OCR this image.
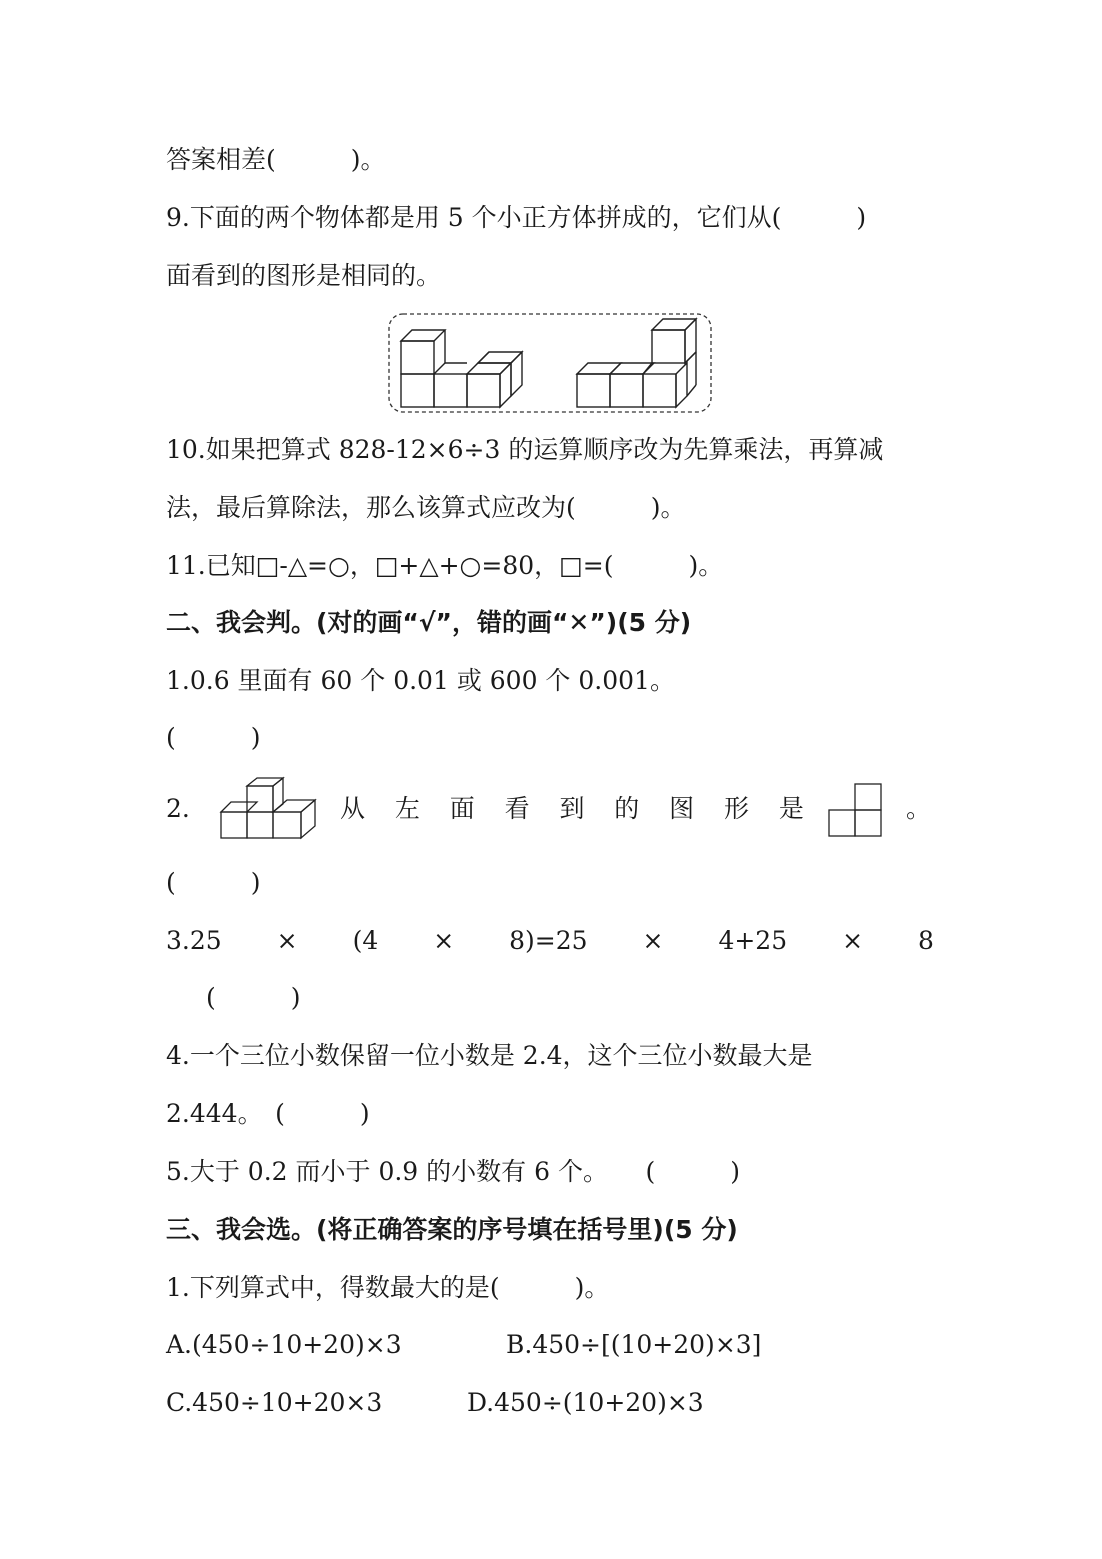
答案相差(　　　)。
9.下面的两个物体都是用 5 个小正方体拼成的，它们从(　　　)
面看到的图形是相同的。
10.如果把算式 828-12×6÷3 的运算顺序改为先算乘法，再算减
法，最后算除法，那么该算式应改为(　　　)。
11.已知□-△=○，□+△+○=80，□=(　　　)。
二、我会判。(对的画“√”，错的画“✕”)(5 分)
1.0.6 里面有 60 个 0.01 或 600 个 0.001。
(　　　)
2.	从 左 面 看 到 的 图 形 是	。
(　　　)
3.25 × (4 × 8)=25 × 4+25 × 8
(　　　)
4.一个三位小数保留一位小数是 2.4，这个三位小数最大是
2.444。　(　　　)
5.大于 0.2 而小于 0.9 的小数有 6 个。　　(　　　)
三、我会选。(将正确答案的序号填在括号里)(5 分)
1.下列算式中，得数最大的是(　　　)。
A.(450÷10+20)×3	B.450÷[(10+20)×3]
C.450÷10+20×3	D.450÷(10+20)×3
